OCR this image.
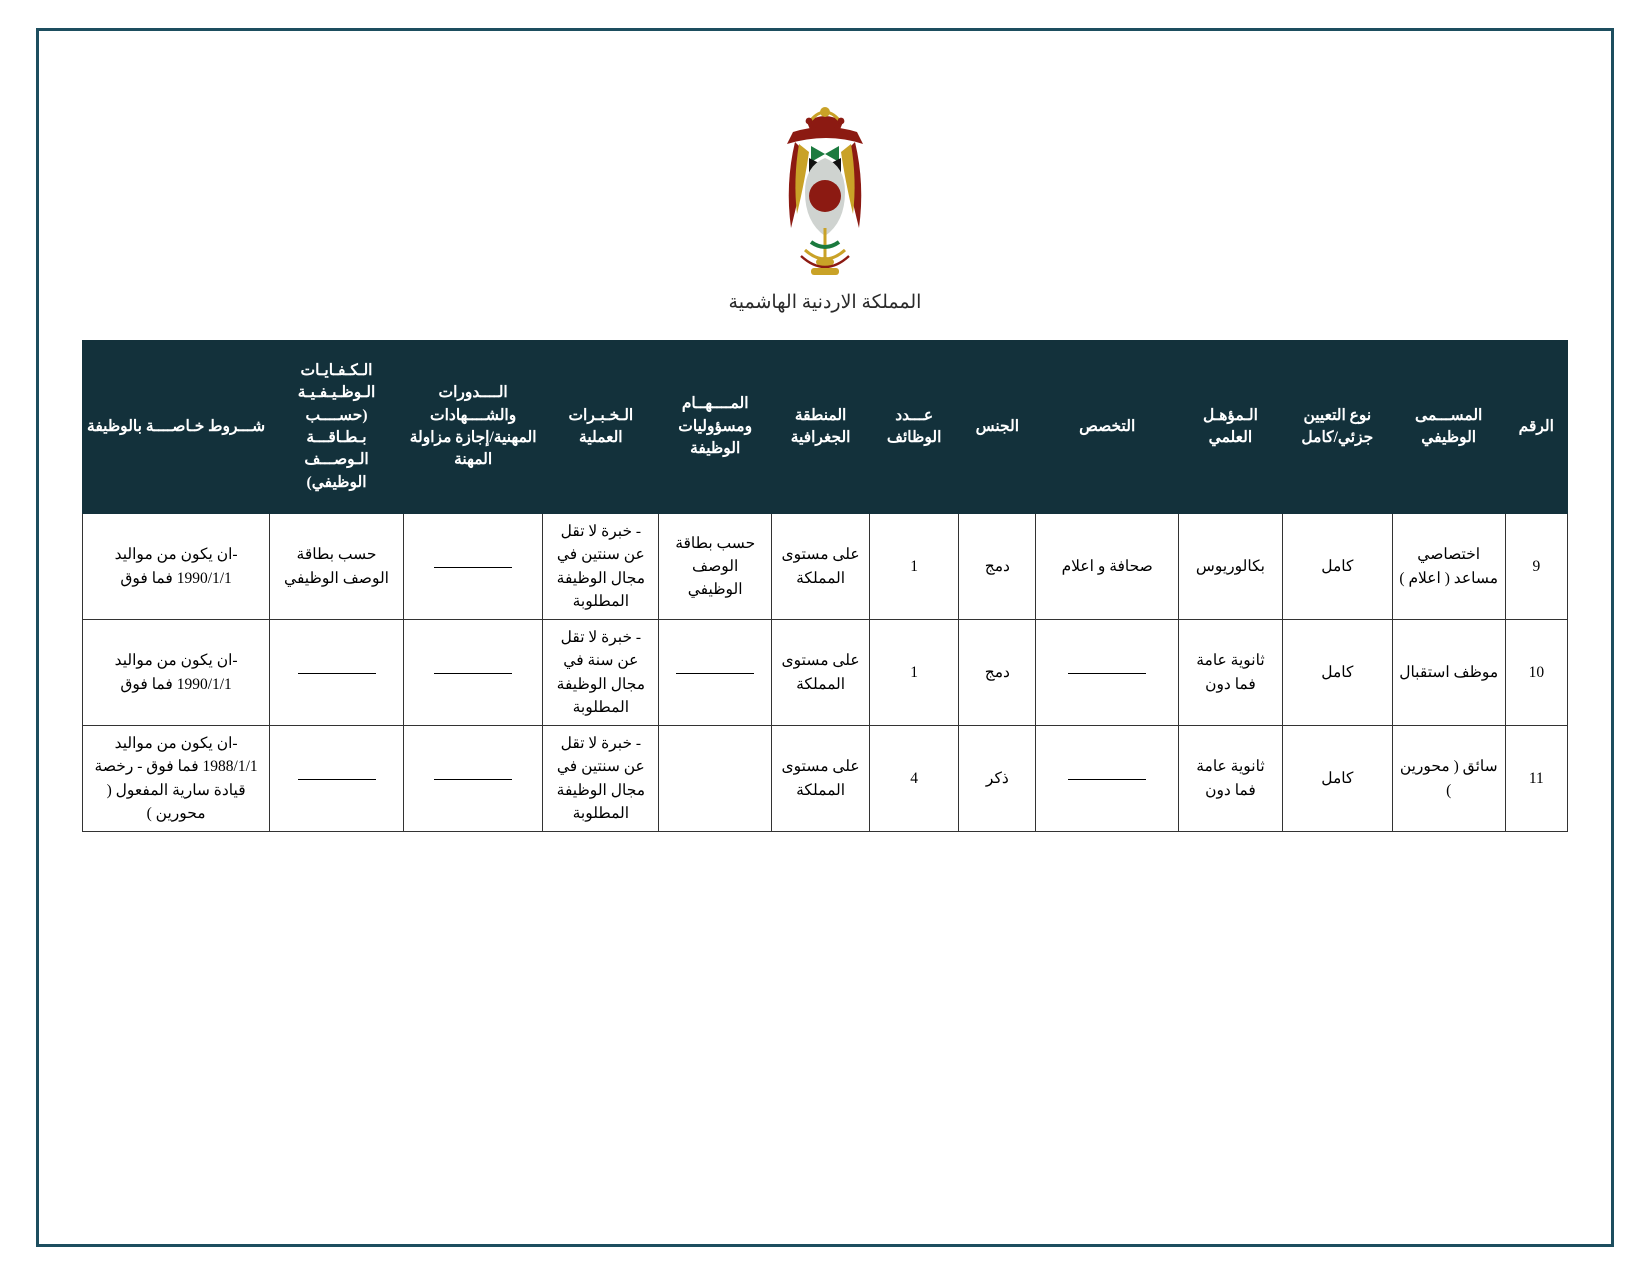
المملكة الاردنية الهاشمية
الرقم	المســـمى الوظيفي	نوع التعيين جزئي/كامل	الـمؤهـل العلمي	التخصص	الجنس	عـــدد الوظائف	المنطقة الجغرافية	المــــهــام ومسؤوليات الوظيفة	الـخـبـرات العملية	الــــدورات والشــــهادات المهنية/إجازة مزاولة المهنة	الـكـفـايـات الـوظـيـفـيـة (حســــب بـطـاقـــة الـوصـــف الوظيفي)	شـــروط خـاصــــة بالوظيفة
9	اختصاصي مساعد ( اعلام )	كامل	بكالوريوس	صحافة و اعلام	دمج	1	على مستوى المملكة	حسب بطاقة الوصف الوظيفي	- خبرة لا تقل عن سنتين في مجال الوظيفة المطلوبة		حسب بطاقة الوصف الوظيفي	-ان يكون من مواليد 1990/1/1 فما فوق
10	موظف استقبال	كامل	ثانوية عامة فما دون		دمج	1	على مستوى المملكة		- خبرة لا تقل عن سنة في مجال الوظيفة المطلوبة			-ان يكون من مواليد 1990/1/1 فما فوق
11	سائق ( محورين )	كامل	ثانوية عامة فما دون		ذكر	4	على مستوى المملكة		- خبرة لا تقل عن سنتين في مجال الوظيفة المطلوبة			-ان يكون من مواليد 1988/1/1 فما فوق - رخصة قيادة سارية المفعول ( محورين )
